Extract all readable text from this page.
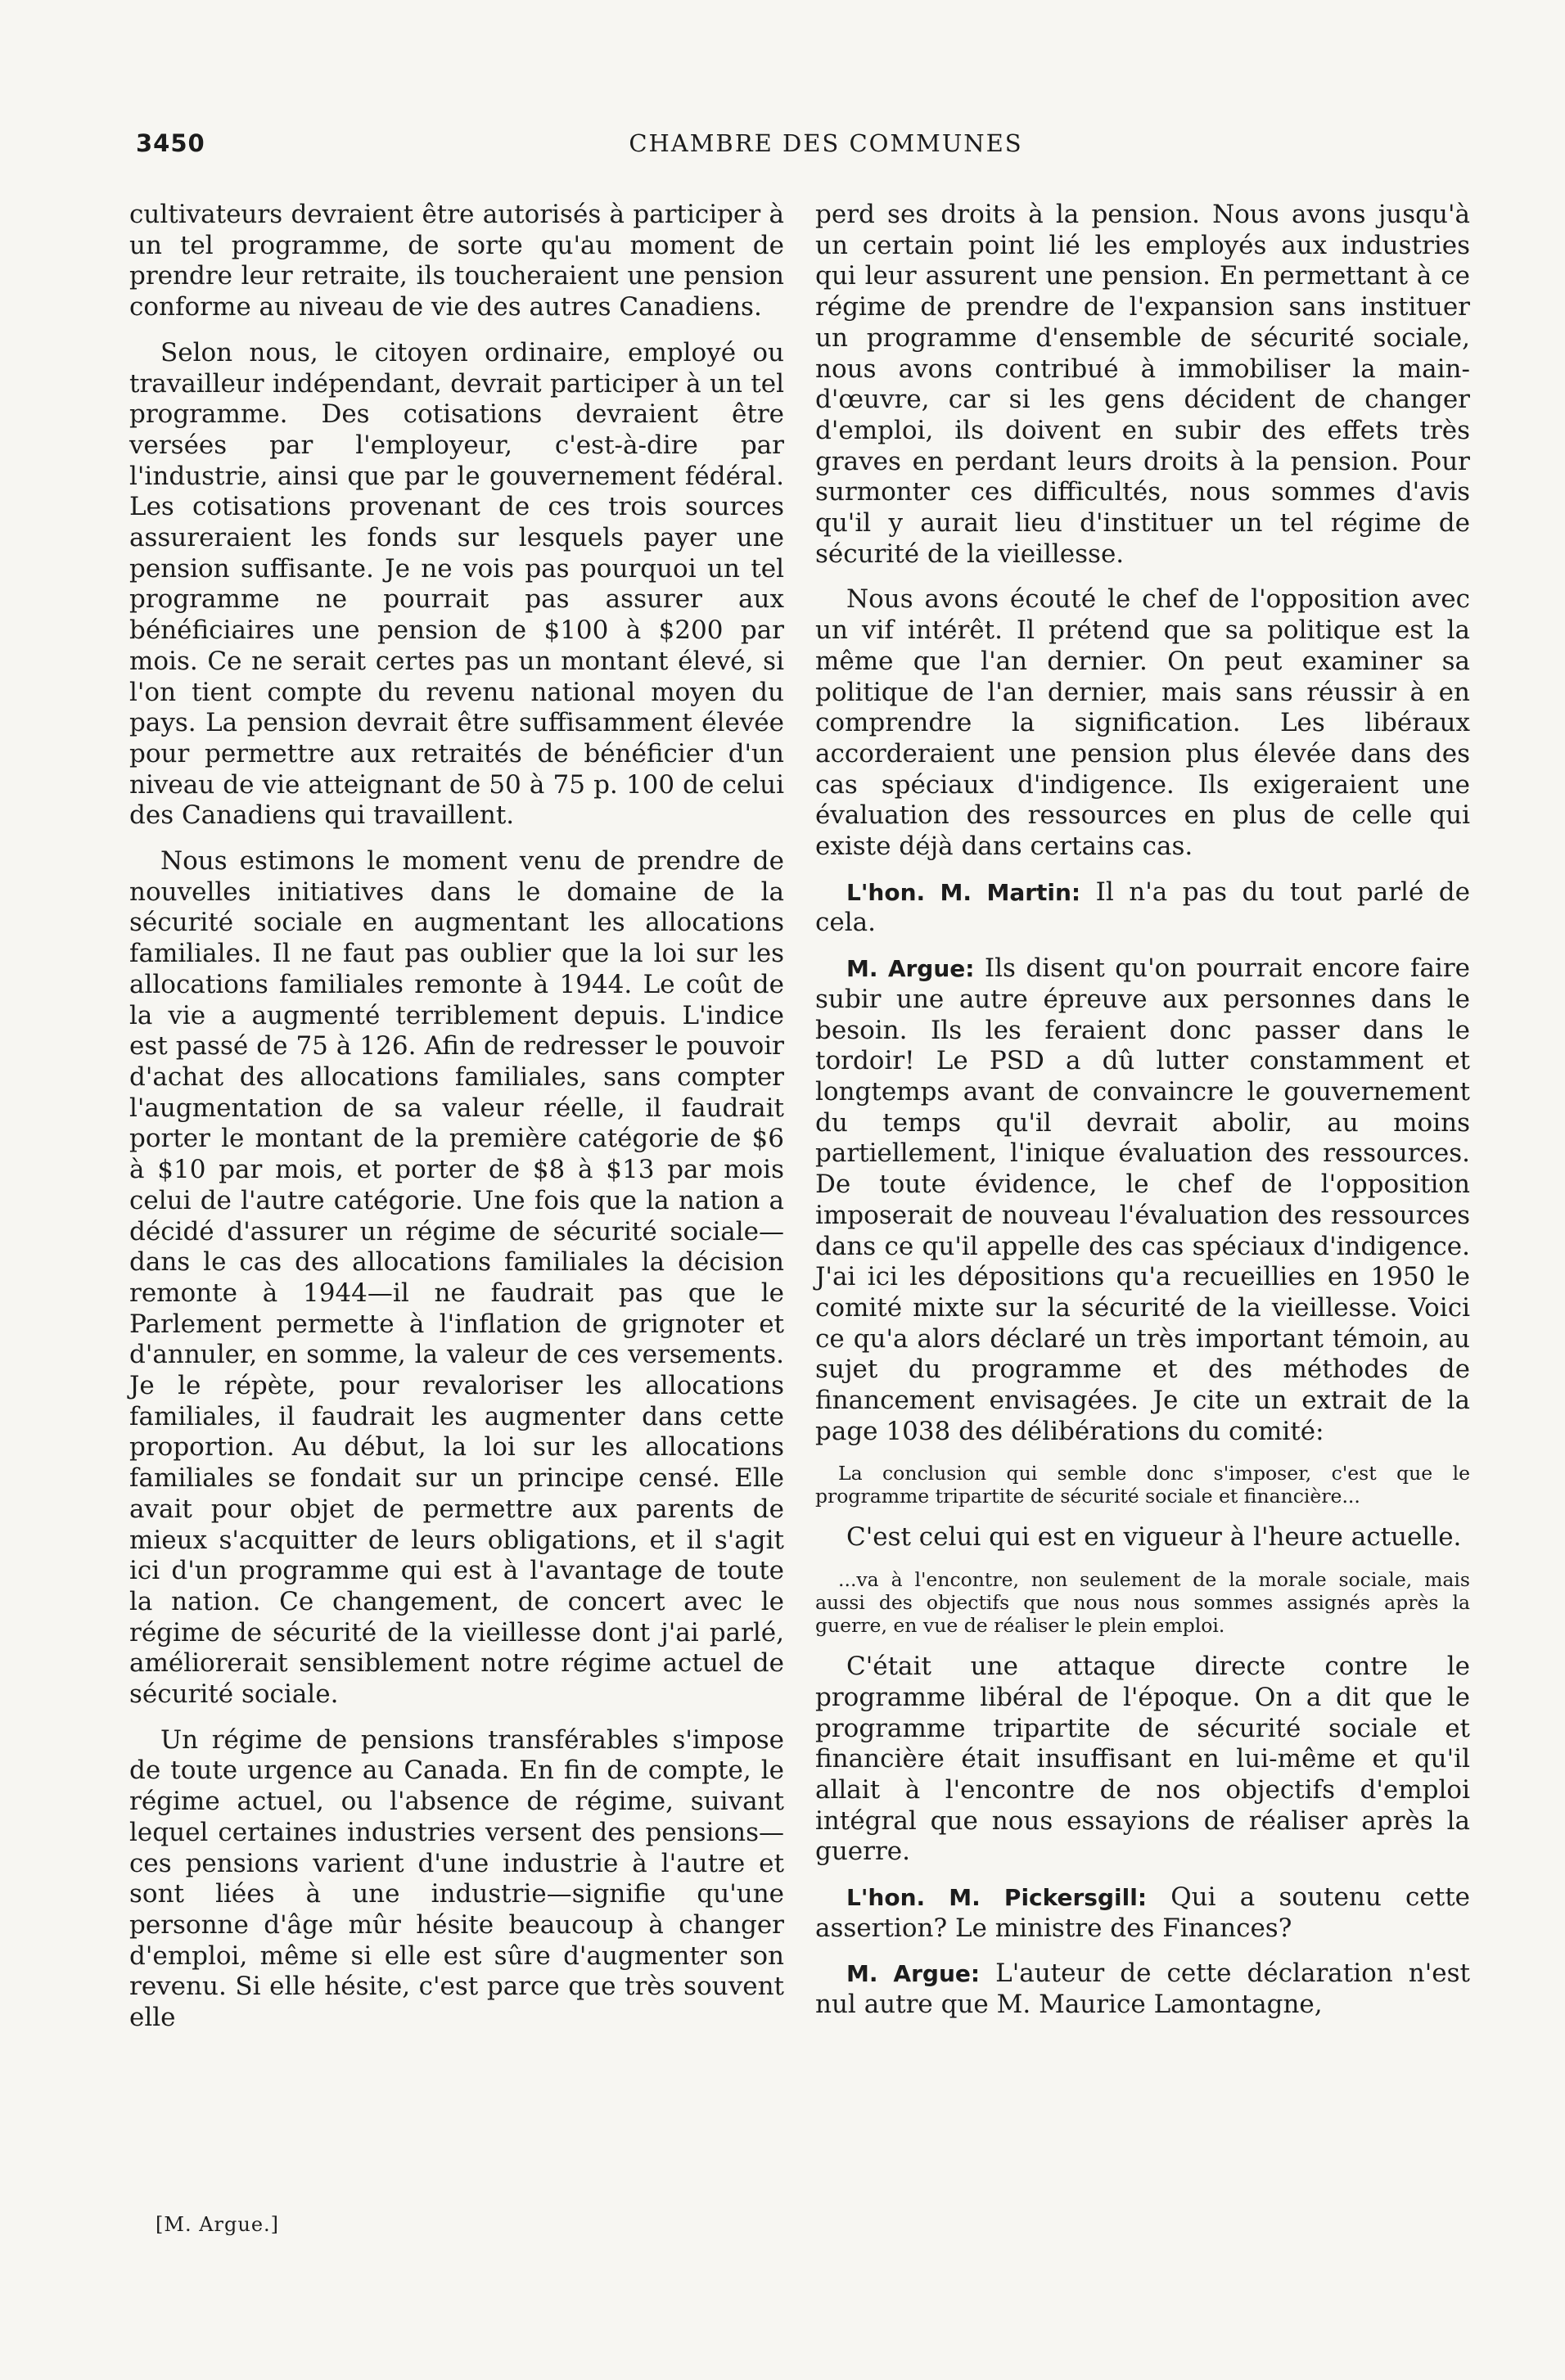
3450	CHAMBRE DES COMMUNES

cultivateurs devraient être autorisés à participer à un tel programme, de sorte qu'au moment de prendre leur retraite, ils toucheraient une pension conforme au niveau de vie des autres Canadiens.

Selon nous, le citoyen ordinaire, employé ou travailleur indépendant, devrait participer à un tel programme. Des cotisations devraient être versées par l'employeur, c'est-à-dire par l'industrie, ainsi que par le gouvernement fédéral. Les cotisations provenant de ces trois sources assureraient les fonds sur lesquels payer une pension suffisante. Je ne vois pas pourquoi un tel programme ne pourrait pas assurer aux bénéficiaires une pension de $100 à $200 par mois. Ce ne serait certes pas un montant élevé, si l'on tient compte du revenu national moyen du pays. La pension devrait être suffisamment élevée pour permettre aux retraités de bénéficier d'un niveau de vie atteignant de 50 à 75 p. 100 de celui des Canadiens qui travaillent.

Nous estimons le moment venu de prendre de nouvelles initiatives dans le domaine de la sécurité sociale en augmentant les allocations familiales. Il ne faut pas oublier que la loi sur les allocations familiales remonte à 1944. Le coût de la vie a augmenté terriblement depuis. L'indice est passé de 75 à 126. Afin de redresser le pouvoir d'achat des allocations familiales, sans compter l'augmentation de sa valeur réelle, il faudrait porter le montant de la première catégorie de $6 à $10 par mois, et porter de $8 à $13 par mois celui de l'autre catégorie. Une fois que la nation a décidé d'assurer un régime de sécurité sociale—dans le cas des allocations familiales la décision remonte à 1944—il ne faudrait pas que le Parlement permette à l'inflation de grignoter et d'annuler, en somme, la valeur de ces versements. Je le répète, pour revaloriser les allocations familiales, il faudrait les augmenter dans cette proportion. Au début, la loi sur les allocations familiales se fondait sur un principe censé. Elle avait pour objet de permettre aux parents de mieux s'acquitter de leurs obligations, et il s'agit ici d'un programme qui est à l'avantage de toute la nation. Ce changement, de concert avec le régime de sécurité de la vieillesse dont j'ai parlé, améliorerait sensiblement notre régime actuel de sécurité sociale.

Un régime de pensions transférables s'impose de toute urgence au Canada. En fin de compte, le régime actuel, ou l'absence de régime, suivant lequel certaines industries versent des pensions—ces pensions varient d'une industrie à l'autre et sont liées à une industrie—signifie qu'une personne d'âge mûr hésite beaucoup à changer d'emploi, même si elle est sûre d'augmenter son revenu. Si elle hésite, c'est parce que très souvent elle

[M. Argue.]

perd ses droits à la pension. Nous avons jusqu'à un certain point lié les employés aux industries qui leur assurent une pension. En permettant à ce régime de prendre de l'expansion sans instituer un programme d'ensemble de sécurité sociale, nous avons contribué à immobiliser la main-d'œuvre, car si les gens décident de changer d'emploi, ils doivent en subir des effets très graves en perdant leurs droits à la pension. Pour surmonter ces difficultés, nous sommes d'avis qu'il y aurait lieu d'instituer un tel régime de sécurité de la vieillesse.

Nous avons écouté le chef de l'opposition avec un vif intérêt. Il prétend que sa politique est la même que l'an dernier. On peut examiner sa politique de l'an dernier, mais sans réussir à en comprendre la signification. Les libéraux accorderaient une pension plus élevée dans des cas spéciaux d'indigence. Ils exigeraient une évaluation des ressources en plus de celle qui existe déjà dans certains cas.

L'hon. M. Martin: Il n'a pas du tout parlé de cela.

M. Argue: Ils disent qu'on pourrait encore faire subir une autre épreuve aux personnes dans le besoin. Ils les feraient donc passer dans le tordoir! Le PSD a dû lutter constamment et longtemps avant de convaincre le gouvernement du temps qu'il devrait abolir, au moins partiellement, l'inique évaluation des ressources. De toute évidence, le chef de l'opposition imposerait de nouveau l'évaluation des ressources dans ce qu'il appelle des cas spéciaux d'indigence. J'ai ici les dépositions qu'a recueillies en 1950 le comité mixte sur la sécurité de la vieillesse. Voici ce qu'a alors déclaré un très important témoin, au sujet du programme et des méthodes de financement envisagées. Je cite un extrait de la page 1038 des délibérations du comité:

La conclusion qui semble donc s'imposer, c'est que le programme tripartite de sécurité sociale et financière...

C'est celui qui est en vigueur à l'heure actuelle.

...va à l'encontre, non seulement de la morale sociale, mais aussi des objectifs que nous nous sommes assignés après la guerre, en vue de réaliser le plein emploi.

C'était une attaque directe contre le programme libéral de l'époque. On a dit que le programme tripartite de sécurité sociale et financière était insuffisant en lui-même et qu'il allait à l'encontre de nos objectifs d'emploi intégral que nous essayions de réaliser après la guerre.

L'hon. M. Pickersgill: Qui a soutenu cette assertion? Le ministre des Finances?

M. Argue: L'auteur de cette déclaration n'est nul autre que M. Maurice Lamontagne,
